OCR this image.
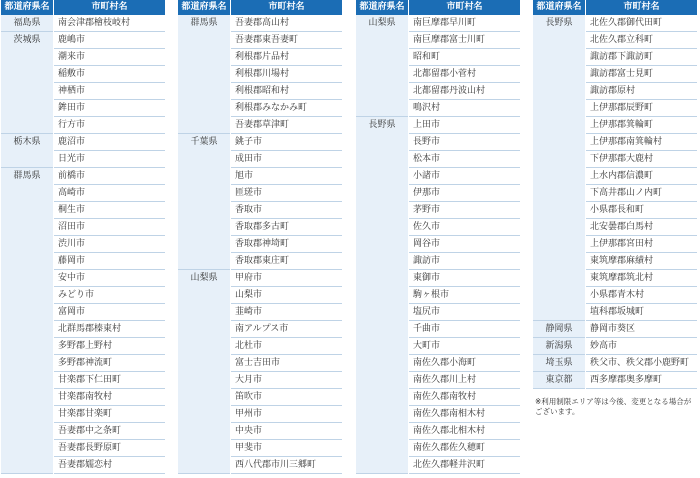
都道府県名	市町村名
福島県	南会津郡檜枝岐村
茨城県	鹿嶋市
潮来市
稲敷市
神栖市
鉾田市
行方市
栃木県	鹿沼市
日光市
群馬県	前橋市
高崎市
桐生市
沼田市
渋川市
藤岡市
安中市
みどり市
富岡市
北群馬郡榛東村
多野郡上野村
多野郡神流町
甘楽郡下仁田町
甘楽郡南牧村
甘楽郡甘楽町
吾妻郡中之条町
吾妻郡長野原町
吾妻郡嬬恋村
都道府県名	市町村名
群馬県	吾妻郡高山村
吾妻郡東吾妻町
利根郡片品村
利根郡川場村
利根郡昭和村
利根郡みなかみ町
吾妻郡草津町
千葉県	銚子市
成田市
旭市
匝瑳市
香取市
香取郡多古町
香取郡神埼町
香取郡東庄町
山梨県	甲府市
山梨市
韮崎市
南アルプス市
北杜市
富士吉田市
大月市
笛吹市
甲州市
中央市
甲斐市
西八代郡市川三郷町
都道府県名	市町村名
山梨県	南巨摩郡早川町
南巨摩郡富士川町
昭和町
北都留郡小菅村
北都留郡丹波山村
鳴沢村
長野県	上田市
長野市
松本市
小諸市
伊那市
茅野市
佐久市
岡谷市
諏訪市
東御市
駒ヶ根市
塩尻市
千曲市
大町市
南佐久郡小海町
南佐久郡川上村
南佐久郡南牧村
南佐久郡南相木村
南佐久郡北相木村
南佐久郡佐久穂町
北佐久郡軽井沢町
都道府県名	市町村名
長野県	北佐久郡御代田町
北佐久郡立科町
諏訪郡下諏訪町
諏訪郡富士見町
諏訪郡原村
上伊那郡辰野町
上伊那郡箕輪町
上伊那郡南箕輪村
下伊那郡大鹿村
上水内郡信濃町
下高井郡山ノ内町
小県郡長和町
北安曇郡白馬村
上伊那郡宮田村
東筑摩郡麻績村
東筑摩郡筑北村
小県郡青木村
埴科郡坂城町
静岡県	静岡市葵区
新潟県	妙高市
埼玉県	秩父市、秩父郡小鹿野町
東京都	西多摩郡奥多摩町
※利用制限エリア等は今後、変更となる場合がございます。
